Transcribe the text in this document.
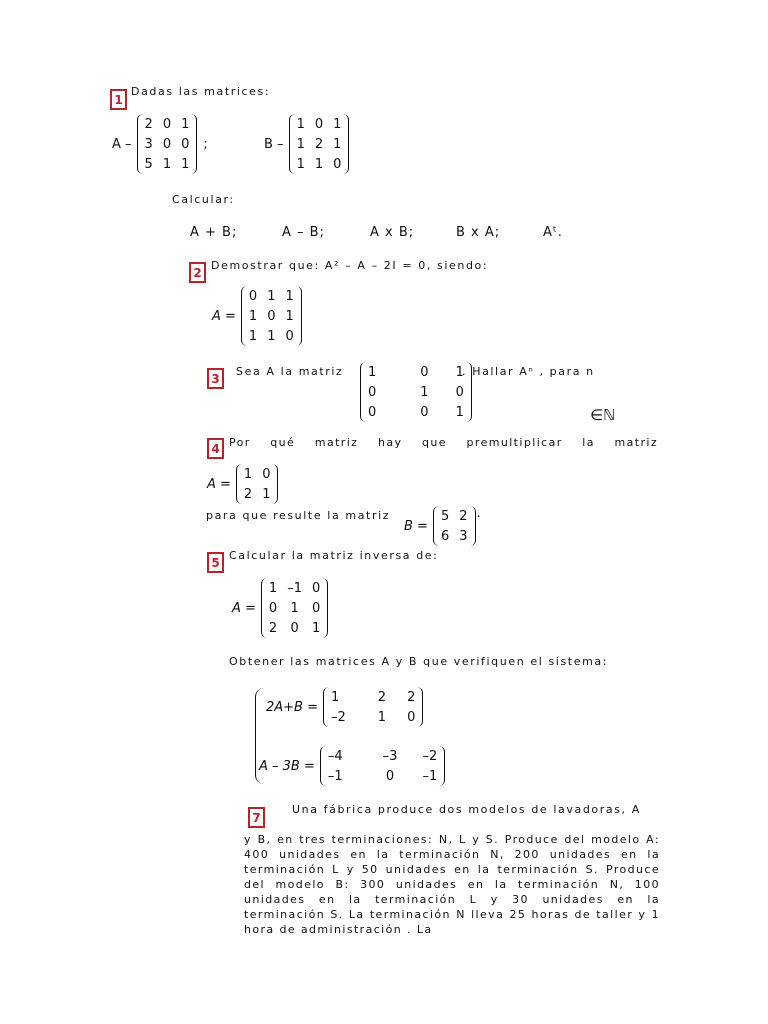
1
Dadas las matrices:
A –
2	0	1
3	0	0
5	1	1
;	B –
1	0	1
1	2	1
1	1	0
Calcular:
A + B;	A – B;	A x B;	B x A;	Aᵗ.
2 Demostrar que: A² – A – 2I = 0, siendo:
A =
0	1	1
1	0	1
1	1	0
3	Sea A la matriz 1	0	1
0	1	0
0	0	1
. Hallar Aⁿ , para n
∈ℕ
4 Por qué matriz hay que premultiplicar la matriz
A =
1	0
2	1
para que resulte la matriz
B =
5	2
6	3
.
5 Calcular la matriz inversa de:
A =
1	–1	0
0	1	0
2	0	1
Obtener las matrices A y B que verifiquen el sistema:
2A+B =
1	2	2
–2	1	0
A – 3B =
–4	–3	–2
–1	0	–1
7
Una fábrica produce dos modelos de lavadoras, A
y B, en tres terminaciones: N, L y S. Produce del modelo A: 400 unidades en la terminación N, 200 unidades en la terminación L y 50 unidades en la terminación S. Produce del modelo B: 300 unidades en la terminación N, 100 unidades en la terminación L y 30 unidades en la terminación S. La terminación N lleva 25 horas de taller y 1 hora de administración . La
